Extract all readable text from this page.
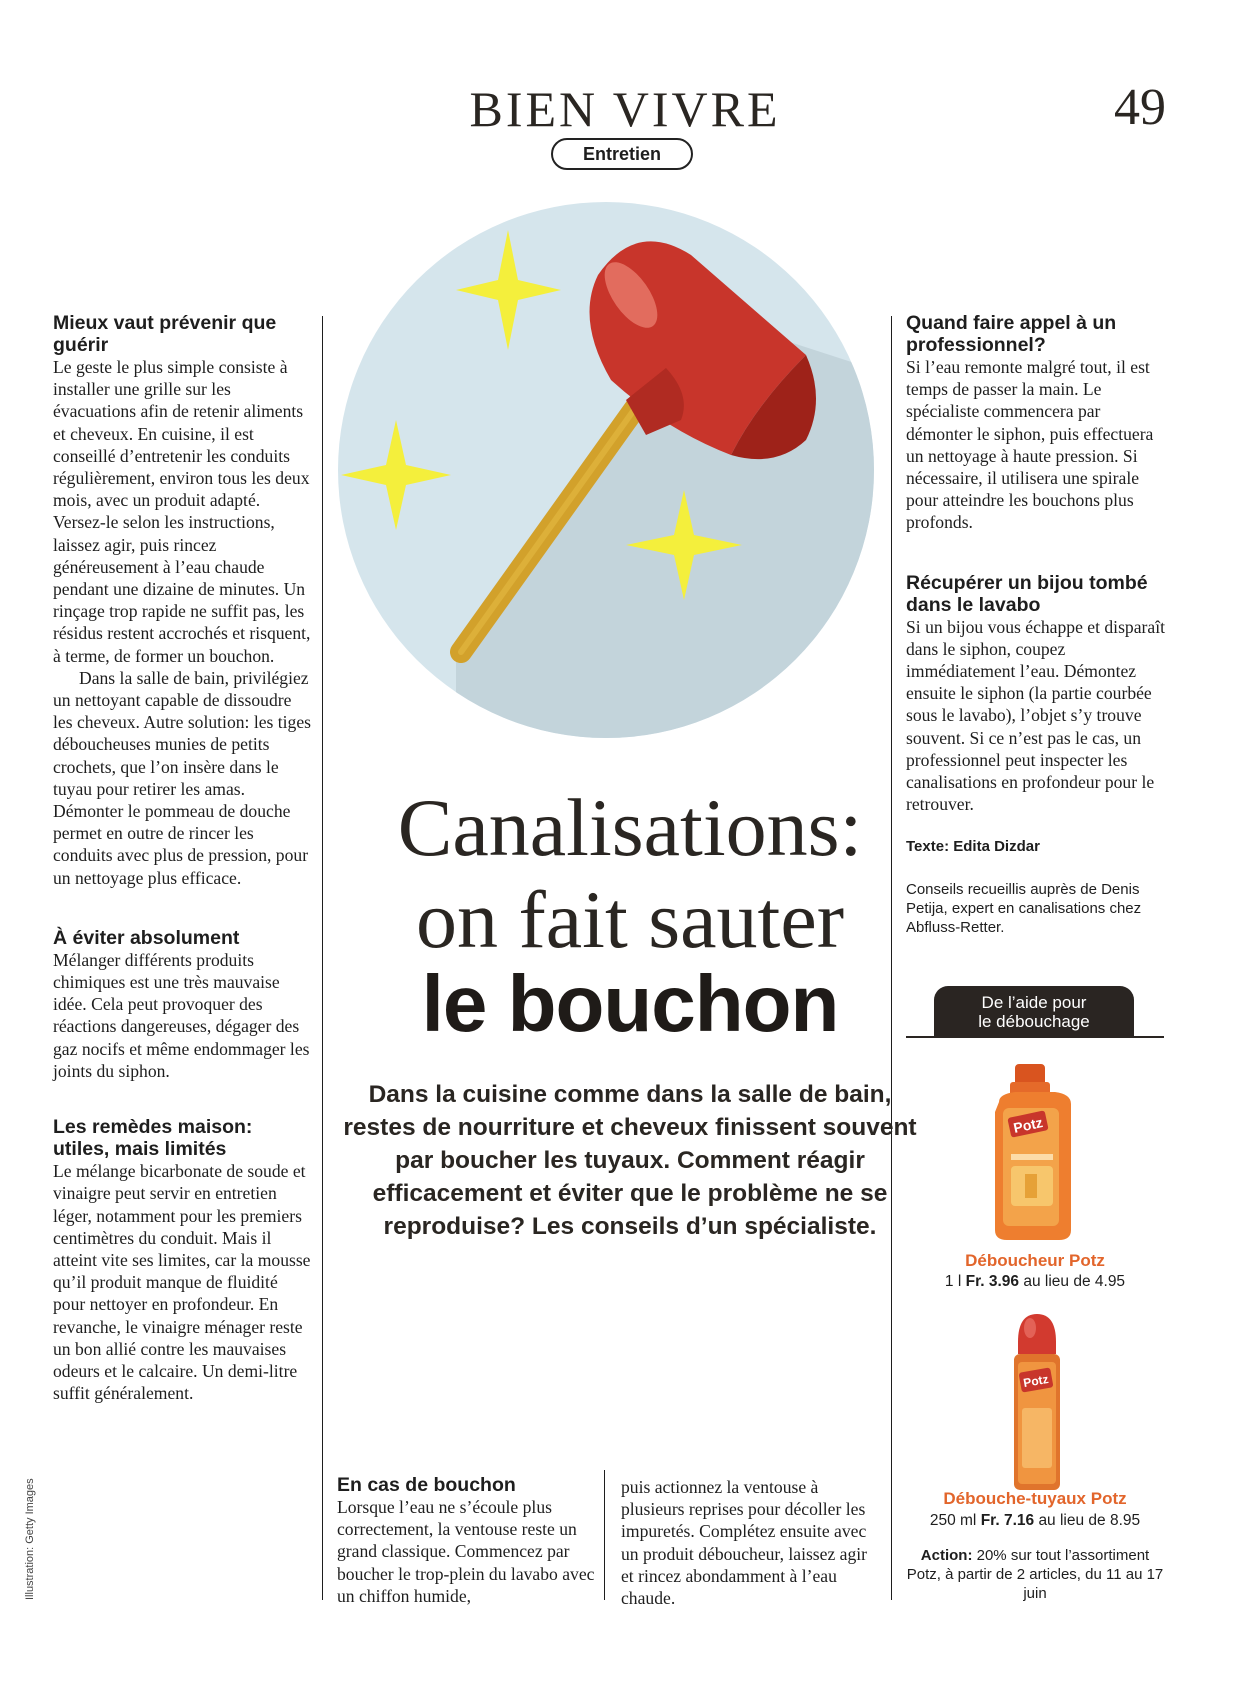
BIEN VIVRE	49
Entretien
Mieux vaut prévenir que guérir

Le geste le plus simple consiste à installer une grille sur les évacuations afin de retenir aliments et cheveux. En cuisine, il est conseillé d’entretenir les conduits régulièrement, environ tous les deux mois, avec un produit adapté. Versez-le selon les instructions, laissez agir, puis rincez généreusement à l’eau chaude pendant une dizaine de minutes. Un rinçage trop rapide ne suffit pas, les résidus restent accrochés et risquent, à terme, de former un bouchon.

Dans la salle de bain, privilégiez un nettoyant capable de dissoudre les cheveux. Autre solution: les tiges déboucheuses munies de petits crochets, que l’on insère dans le tuyau pour retirer les amas. Démonter le pommeau de douche permet en outre de rincer les conduits avec plus de pression, pour un nettoyage plus efficace.

À éviter absolument

Mélanger différents produits chimiques est une très mauvaise idée. Cela peut provoquer des réactions dangereuses, dégager des gaz nocifs et même endommager les joints du siphon.

Les remèdes maison: utiles, mais limités

Le mélange bicarbonate de soude et vinaigre peut servir en entretien léger, notamment pour les premiers centimètres du conduit. Mais il atteint vite ses limites, car la mousse qu’il produit manque de fluidité pour nettoyer en profondeur. En revanche, le vinaigre ménager reste un bon allié contre les mauvaises odeurs et le calcaire. Un demi-litre suffit généralement.

Canalisations:
on fait sauter
le bouchon
Dans la cuisine comme dans la salle de bain, restes de nourriture et cheveux finissent souvent par boucher les tuyaux. Comment réagir efficacement et éviter que le problème ne se reproduise? Les conseils d’un spécialiste.
En cas de bouchon

Lorsque l’eau ne s’écoule plus correctement, la ventouse reste un grand classique. Commencez par boucher le trop-plein du lavabo avec un chiffon humide,

puis actionnez la ventouse à plusieurs reprises pour décoller les impuretés. Complétez ensuite avec un produit déboucheur, laissez agir et rincez abondamment à l’eau chaude.

Quand faire appel à un professionnel?

Si l’eau remonte malgré tout, il est temps de passer la main. Le spécialiste commencera par démonter le siphon, puis effectuera un nettoyage à haute pression. Si nécessaire, il utilisera une spirale pour atteindre les bouchons plus profonds.

Récupérer un bijou tombé dans le lavabo

Si un bijou vous échappe et disparaît dans le siphon, coupez immédiatement l’eau. Démontez ensuite le siphon (la partie courbée sous le lavabo), l’objet s’y trouve souvent. Si ce n’est pas le cas, un professionnel peut inspecter les canalisations en profondeur pour le retrouver.

Texte: Edita Dizdar
Conseils recueillis auprès de Denis Petija, expert en canalisations chez Abfluss-Retter.
De l’aide pour
le débouchage
Potz
Déboucheur Potz
1 l Fr. 3.96 au lieu de 4.95
Potz
Débouche-tuyaux Potz
250 ml Fr. 7.16 au lieu de 8.95
Action: 20% sur tout l’assortiment Potz, à partir de 2 articles, du 11 au 17 juin
Illustration: Getty Images
